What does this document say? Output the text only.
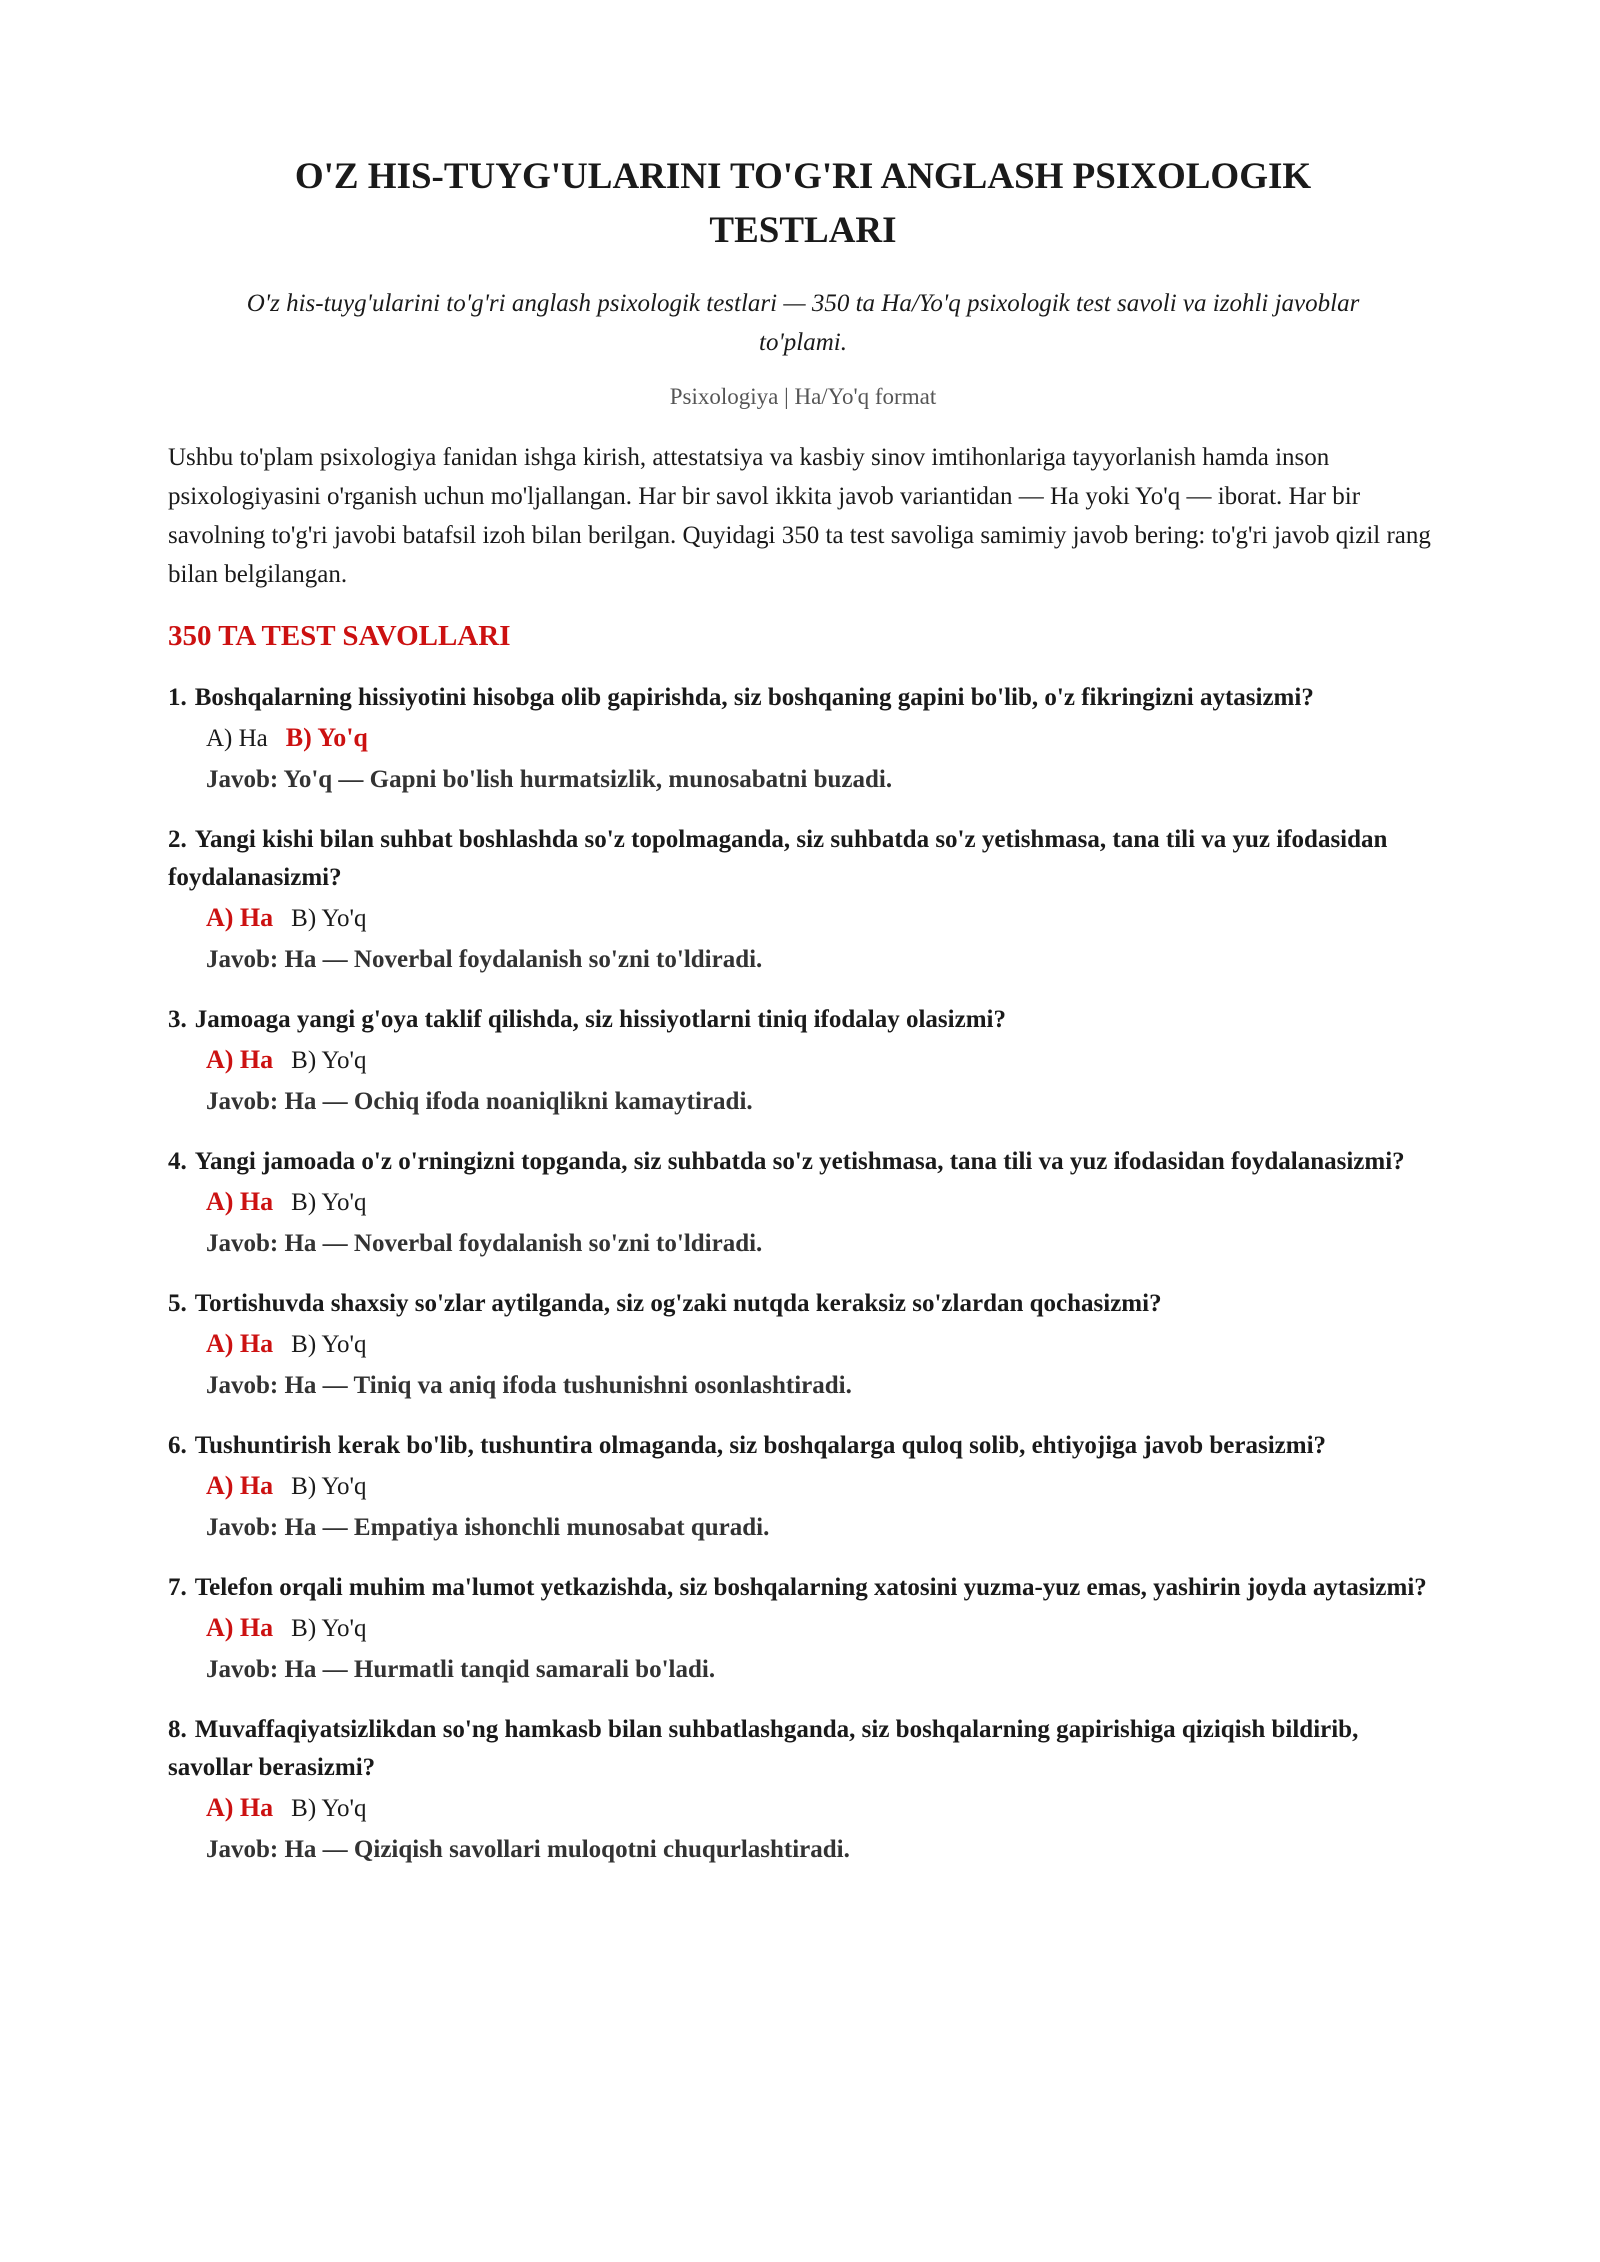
O'Z HIS-TUYG'ULARINI TO'G'RI ANGLASH PSIXOLOGIK TESTLARI
O'z his-tuyg'ularini to'g'ri anglash psixologik testlari — 350 ta Ha/Yo'q psixologik test savoli va izohli javoblar to'plami.
Psixologiya | Ha/Yo'q format
Ushbu to'plam psixologiya fanidan ishga kirish, attestatsiya va kasbiy sinov imtihonlariga tayyorlanish hamda inson psixologiyasini o'rganish uchun mo'ljallangan. Har bir savol ikkita javob variantidan — Ha yoki Yo'q — iborat. Har bir savolning to'g'ri javobi batafsil izoh bilan berilgan. Quyidagi 350 ta test savoliga samimiy javob bering: to'g'ri javob qizil rang bilan belgilangan.
350 TA TEST SAVOLLARI
1. Boshqalarning hissiyotini hisobga olib gapirishda, siz boshqaning gapini bo'lib, o'z fikringizni aytasizmi?
A) Ha B) Yo'q
Javob: Yo'q — Gapni bo'lish hurmatsizlik, munosabatni buzadi.
2. Yangi kishi bilan suhbat boshlashda so'z topolmaganda, siz suhbatda so'z yetishmasa, tana tili va yuz ifodasidan foydalanasizmi?
A) Ha B) Yo'q
Javob: Ha — Noverbal foydalanish so'zni to'ldiradi.
3. Jamoaga yangi g'oya taklif qilishda, siz hissiyotlarni tiniq ifodalay olasizmi?
A) Ha B) Yo'q
Javob: Ha — Ochiq ifoda noaniqlikni kamaytiradi.
4. Yangi jamoada o'z o'rningizni topganda, siz suhbatda so'z yetishmasa, tana tili va yuz ifodasidan foydalanasizmi?
A) Ha B) Yo'q
Javob: Ha — Noverbal foydalanish so'zni to'ldiradi.
5. Tortishuvda shaxsiy so'zlar aytilganda, siz og'zaki nutqda keraksiz so'zlardan qochasizmi?
A) Ha B) Yo'q
Javob: Ha — Tiniq va aniq ifoda tushunishni osonlashtiradi.
6. Tushuntirish kerak bo'lib, tushuntira olmaganda, siz boshqalarga quloq solib, ehtiyojiga javob berasizmi?
A) Ha B) Yo'q
Javob: Ha — Empatiya ishonchli munosabat quradi.
7. Telefon orqali muhim ma'lumot yetkazishda, siz boshqalarning xatosini yuzma-yuz emas, yashirin joyda aytasizmi?
A) Ha B) Yo'q
Javob: Ha — Hurmatli tanqid samarali bo'ladi.
8. Muvaffaqiyatsizlikdan so'ng hamkasb bilan suhbatlashganda, siz boshqalarning gapirishiga qiziqish bildirib, savollar berasizmi?
A) Ha B) Yo'q
Javob: Ha — Qiziqish savollari muloqotni chuqurlashtiradi.
